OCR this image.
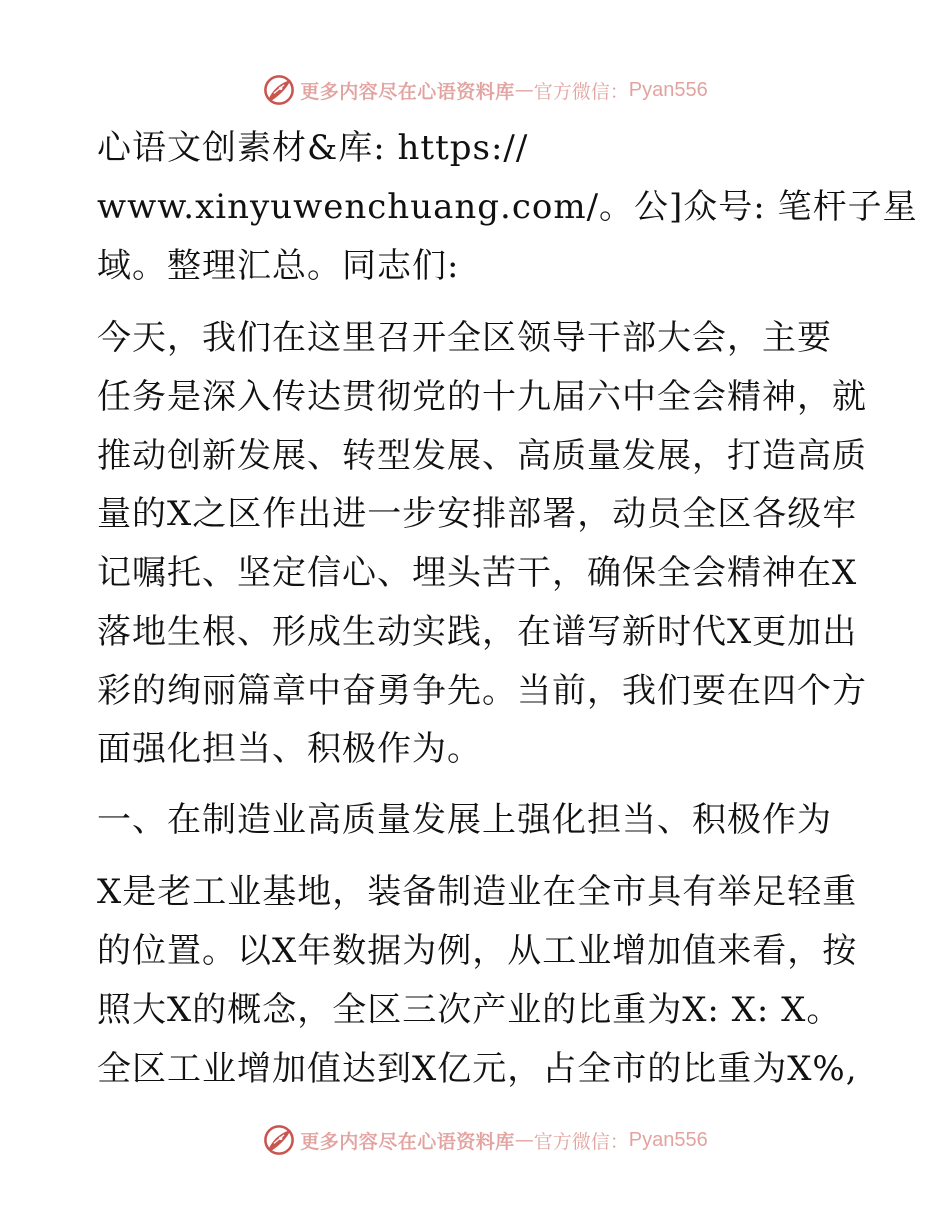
更多内容尽在心语资料库 — 官方微信： Pyan556
心语文创素材&库: https://
www.xinyuwenchuang.com/。公]众号: 笔杆子星
域。整理汇总。同志们:
今天，我们在这里召开全区领导干部大会，主要
任务是深入传达贯彻党的十九届六中全会精神，就
推动创新发展、转型发展、高质量发展，打造高质
量的X之区作出进一步安排部署，动员全区各级牢
记嘱托、坚定信心、埋头苦干，确保全会精神在X
落地生根、形成生动实践，在谱写新时代X更加出
彩的绚丽篇章中奋勇争先。当前，我们要在四个方
面强化担当、积极作为。
一、在制造业高质量发展上强化担当、积极作为
X是老工业基地，装备制造业在全市具有举足轻重
的位置。以X年数据为例，从工业增加值来看，按
照大X的概念，全区三次产业的比重为X: X: X。
全区工业增加值达到X亿元，占全市的比重为X%,
更多内容尽在心语资料库 — 官方微信： Pyan556
